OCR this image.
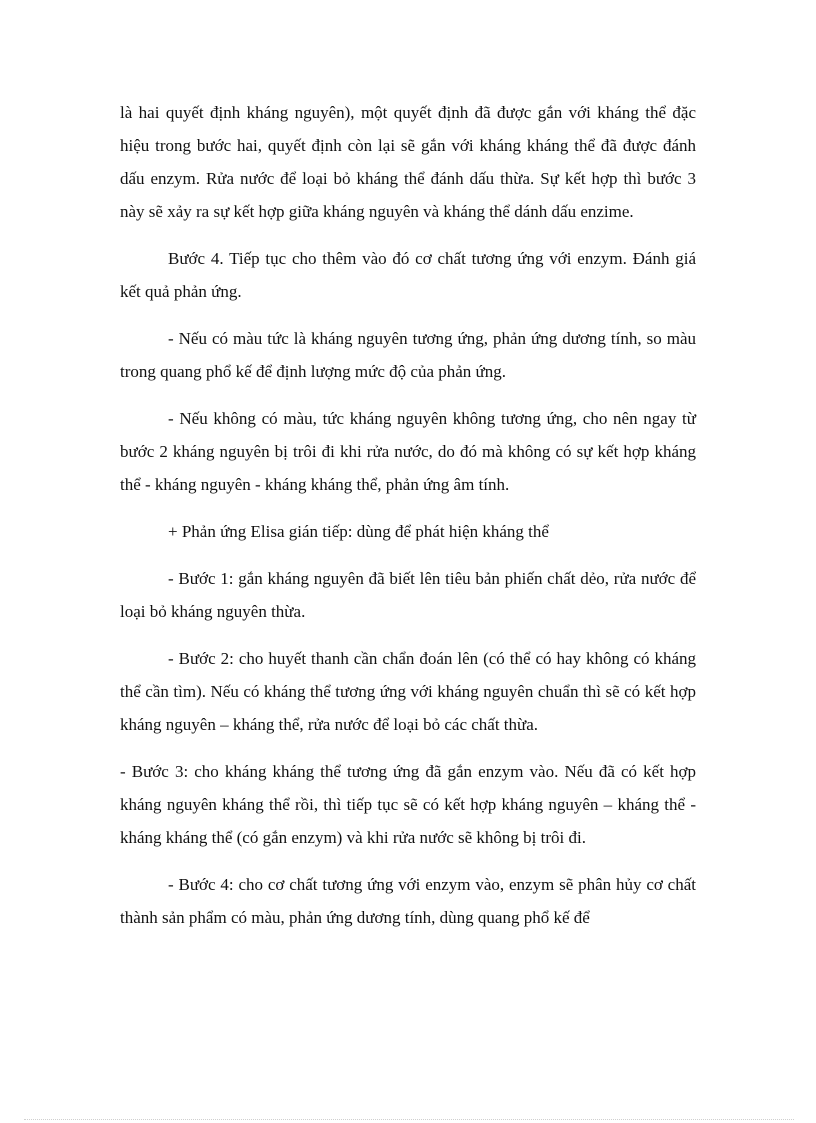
là hai quyết định kháng nguyên), một quyết định đã được gắn với kháng thể đặc hiệu trong bước hai, quyết định còn lại sẽ gắn với kháng kháng thể đã được đánh dấu enzym. Rửa nước để loại bỏ kháng thể đánh dấu thừa. Sự kết hợp thì bước 3 này sẽ xảy ra sự kết hợp giữa kháng nguyên và kháng thể dánh dấu enzime.

Bước 4. Tiếp tục cho thêm vào đó cơ chất tương ứng với enzym. Đánh giá kết quả phản ứng.

- Nếu có màu tức là kháng nguyên tương ứng, phản ứng dương tính, so màu trong quang phổ kế để định lượng mức độ của phản ứng.

- Nếu không có màu, tức kháng nguyên không tương ứng, cho nên ngay từ bước 2 kháng nguyên bị trôi đi khi rửa nước, do đó mà không có sự kết hợp kháng thể - kháng nguyên - kháng kháng thể, phản ứng âm tính.

+ Phản ứng Elisa gián tiếp: dùng để phát hiện kháng thể

- Bước 1: gắn kháng nguyên đã biết lên tiêu bản phiến chất dẻo, rửa nước để loại bỏ kháng nguyên thừa.

- Bước 2: cho huyết thanh cần chẩn đoán lên (có thể có hay không có kháng thể cần tìm). Nếu có kháng thể tương ứng với kháng nguyên chuẩn thì sẽ có kết hợp kháng nguyên – kháng thể, rửa nước để loại bỏ các chất thừa.

- Bước 3: cho kháng kháng thể tương ứng đã gắn enzym vào. Nếu đã có kết hợp kháng nguyên kháng thể rồi, thì tiếp tục sẽ có kết hợp kháng nguyên – kháng thể - kháng kháng thể (có gắn enzym) và khi rửa nước sẽ không bị trôi đi.

- Bước 4: cho cơ chất tương ứng với enzym vào, enzym sẽ phân hủy cơ chất thành sản phẩm có màu, phản ứng dương tính, dùng quang phổ kế để
